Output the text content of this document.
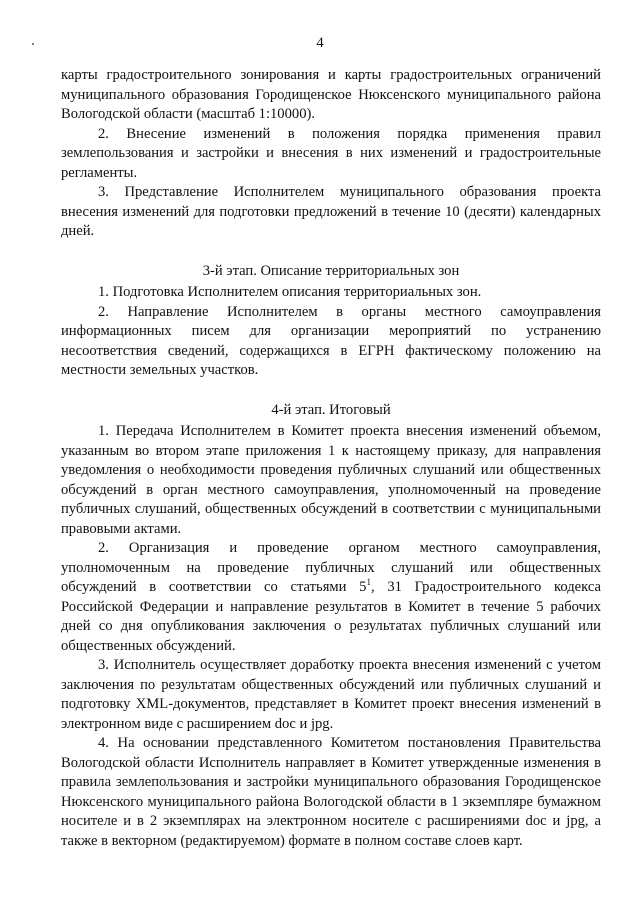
4

карты градостроительного зонирования и карты градостроительных ограничений муниципального образования Городищенское Нюксенского муниципального района Вологодской области (масштаб 1:10000).

2. Внесение изменений в положения порядка применения правил землепользования и застройки и внесения в них изменений и градостроительные регламенты.

3. Представление Исполнителем муниципального образования проекта внесения изменений для подготовки предложений в течение 10 (десяти) календарных дней.

3-й этап. Описание территориальных зон

1. Подготовка Исполнителем описания территориальных зон.

2. Направление Исполнителем в органы местного самоуправления информационных писем для организации мероприятий по устранению несоответствия сведений, содержащихся в ЕГРН фактическому положению на местности земельных участков.

4-й этап. Итоговый

1. Передача Исполнителем в Комитет проекта внесения изменений объемом, указанным во втором этапе приложения 1 к настоящему приказу, для направления уведомления о необходимости проведения публичных слушаний или общественных обсуждений в орган местного самоуправления, уполномоченный на проведение публичных слушаний, общественных обсуждений в соответствии с муниципальными правовыми актами.

2. Организация и проведение органом местного самоуправления, уполномоченным на проведение публичных слушаний или общественных обсуждений в соответствии со статьями $5^1$, 31 Градостроительного кодекса Российской Федерации и направление результатов в Комитет в течение 5 рабочих дней со дня опубликования заключения о результатах публичных слушаний или общественных обсуждений.

3. Исполнитель осуществляет доработку проекта внесения изменений с учетом заключения по результатам общественных обсуждений или публичных слушаний и подготовку XML-документов, представляет в Комитет проект внесения изменений в электронном виде с расширением doc и jpg.

4. На основании представленного Комитетом постановления Правительства Вологодской области Исполнитель направляет в Комитет утвержденные изменения в правила землепользования и застройки муниципального образования Городищенское Нюксенского муниципального района Вологодской области в 1 экземпляре бумажном носителе и в 2 экземплярах на электронном носителе с расширениями doc и jpg, а также в векторном (редактируемом) формате в полном составе слоев карт.
